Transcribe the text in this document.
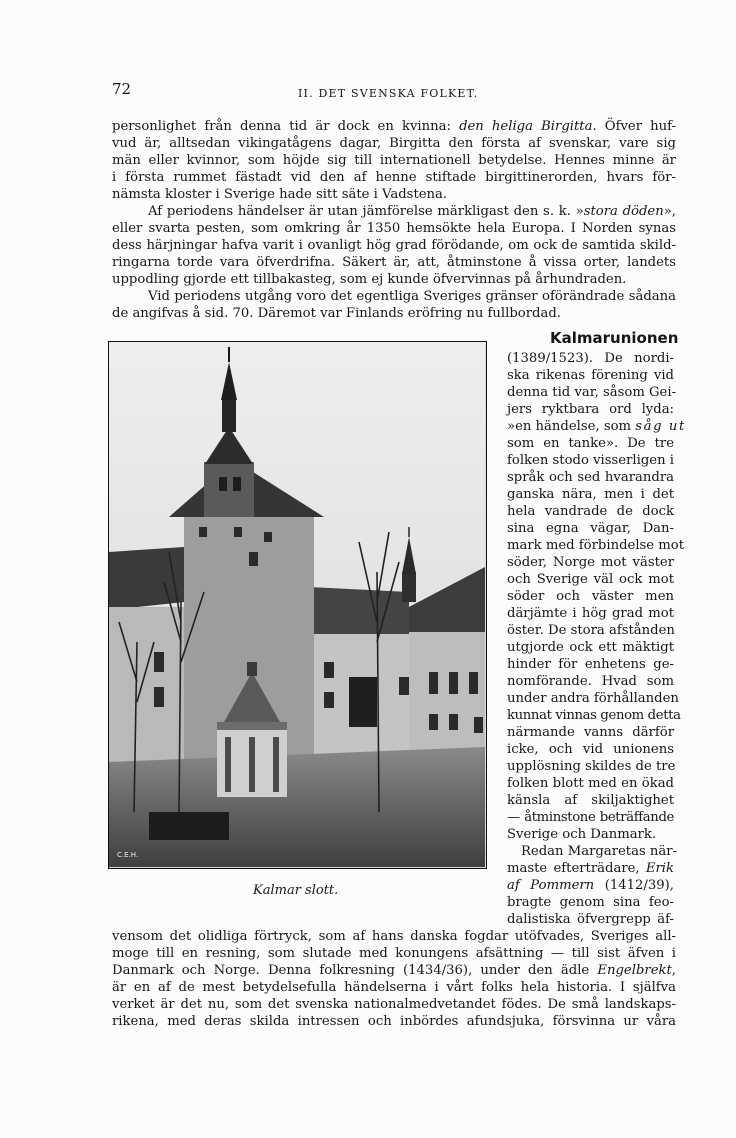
72	II. DET SVENSKA FOLKET.
personlighet från denna tid är dock en kvinna: den heliga Birgitta. Öfver huf-
vud är, alltsedan vikingatågens dagar, Birgitta den första af svenskar, vare sig
män eller kvinnor, som höjde sig till internationell betydelse. Hennes minne är
i första rummet fästadt vid den af henne stiftade birgittinerorden, hvars för-
nämsta kloster i Sverige hade sitt säte i Vadstena.
Af periodens händelser är utan jämförelse märkligast den s. k. »stora döden»,
eller svarta pesten, som omkring år 1350 hemsökte hela Europa. I Norden synas
dess härjningar hafva varit i ovanligt hög grad förödande, om ock de samtida skild-
ringarna torde vara öfverdrifna. Säkert är, att, åtminstone å vissa orter, landets
uppodling gjorde ett tillbakasteg, som ej kunde öfvervinnas på århundraden.
Vid periodens utgång voro det egentliga Sveriges gränser oförändrade sådana
de angifvas å sid. 70. Däremot var Finlands eröfring nu fullbordad.
Kalmarunionen
C.E.H.
Kalmar slott.
(1389/1523). De nordi-
ska rikenas förening vid
denna tid var, såsom Gei-
jers ryktbara ord lyda:
»en händelse, som såg ut
som en tanke». De tre
folken stodo visserligen i
språk och sed hvarandra
ganska nära, men i det
hela vandrade de dock
sina egna vägar, Dan-
mark med förbindelse mot
söder, Norge mot väster
och Sverige väl ock mot
söder och väster men
därjämte i hög grad mot
öster. De stora afstånden
utgjorde ock ett mäktigt
hinder för enhetens ge-
nomförande. Hvad som
under andra förhållanden
kunnat vinnas genom detta
närmande vanns därför
icke, och vid unionens
upplösning skildes de tre
folken blott med en ökad
känsla af skiljaktighet
— åtminstone beträffande
Sverige och Danmark.
Redan Margaretas när-
maste efterträdare, Erik
af Pommern (1412/39),
bragte genom sina feo-
dalistiska öfvergrepp äf-
vensom det olidliga förtryck, som af hans danska fogdar utöfvades, Sveriges all-
moge till en resning, som slutade med konungens afsättning — till sist äfven i
Danmark och Norge. Denna folkresning (1434/36), under den ädle Engelbrekt,
är en af de mest betydelsefulla händelserna i vårt folks hela historia. I själfva
verket är det nu, som det svenska nationalmedvetandet födes. De små landskaps-
rikena, med deras skilda intressen och inbördes afundsjuka, försvinna ur våra
